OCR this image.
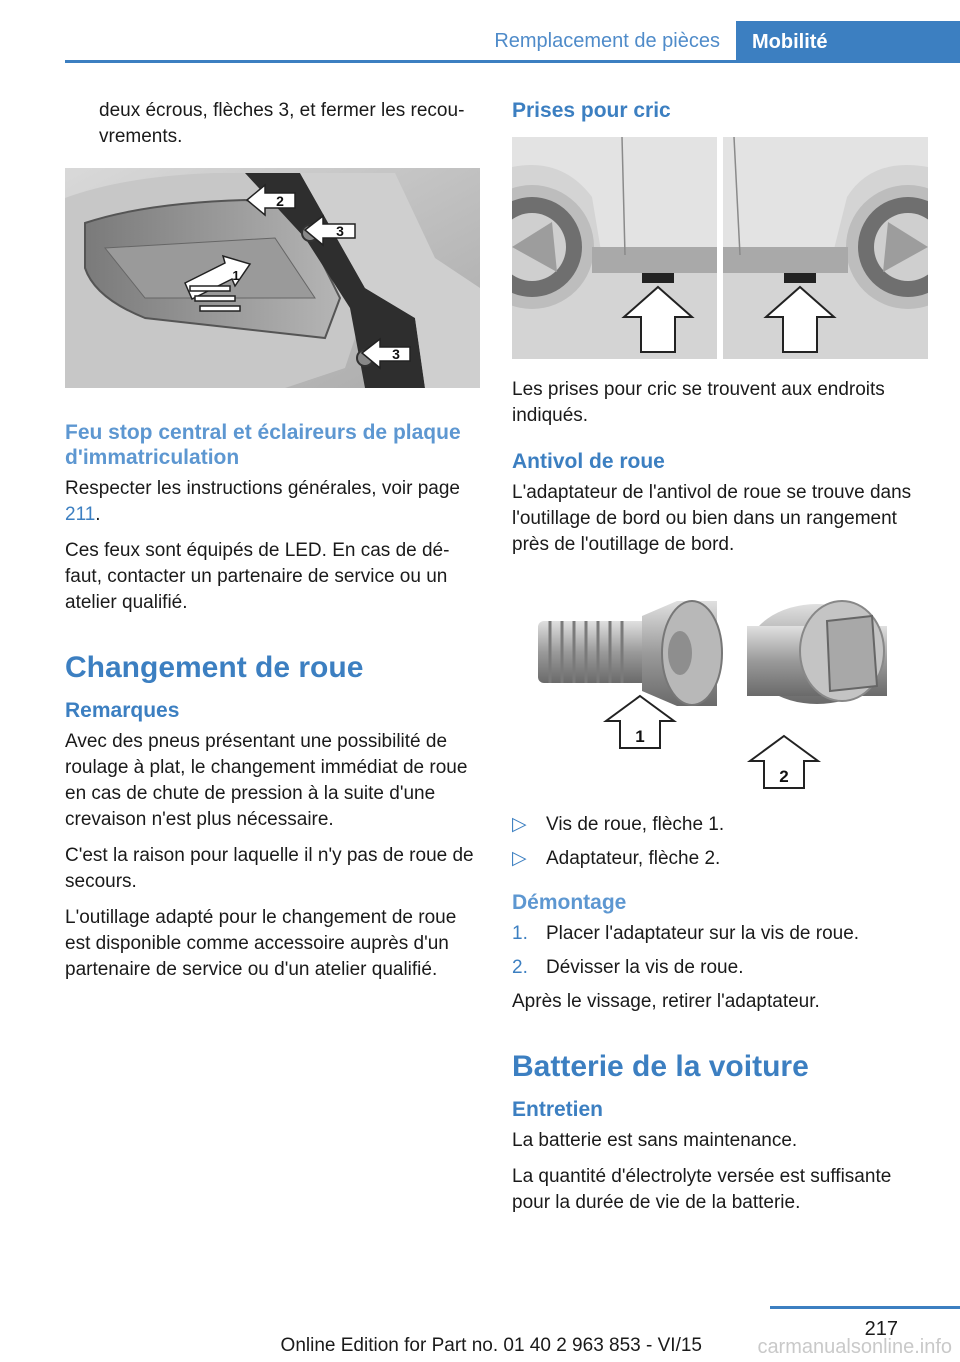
Remplacement de pièces	Mobilité

deux écrous, flèches 3, et fermer les recouvrements.

2
3
1
3
Feu stop central et éclaireurs de plaque d'immatriculation

Respecter les instructions générales, voir page 211.

Ces feux sont équipés de LED. En cas de défaut, contacter un partenaire de service ou un atelier qualifié.

Changement de roue
Remarques

Avec des pneus présentant une possibilité de roulage à plat, le changement immédiat de roue en cas de chute de pression à la suite d'une crevaison n'est plus nécessaire.

C'est la raison pour laquelle il n'y pas de roue de secours.

L'outillage adapté pour le changement de roue est disponible comme accessoire auprès d'un partenaire de service ou d'un atelier qualifié.

Prises pour cric

Les prises pour cric se trouvent aux endroits indiqués.

Antivol de roue

L'adaptateur de l'antivol de roue se trouve dans l'outillage de bord ou bien dans un rangement près de l'outillage de bord.

1
2
▷	Vis de roue, flèche 1.
▷	Adaptateur, flèche 2.
Démontage
1. Placer l'adaptateur sur la vis de roue.
2. Dévisser la vis de roue.

Après le vissage, retirer l'adaptateur.

Batterie de la voiture
Entretien

La batterie est sans maintenance.

La quantité d'électrolyte versée est suffisante pour la durée de vie de la batterie.

217
Online Edition for Part no. 01 40 2 963 853 - VI/15	carmanualsonline.info
